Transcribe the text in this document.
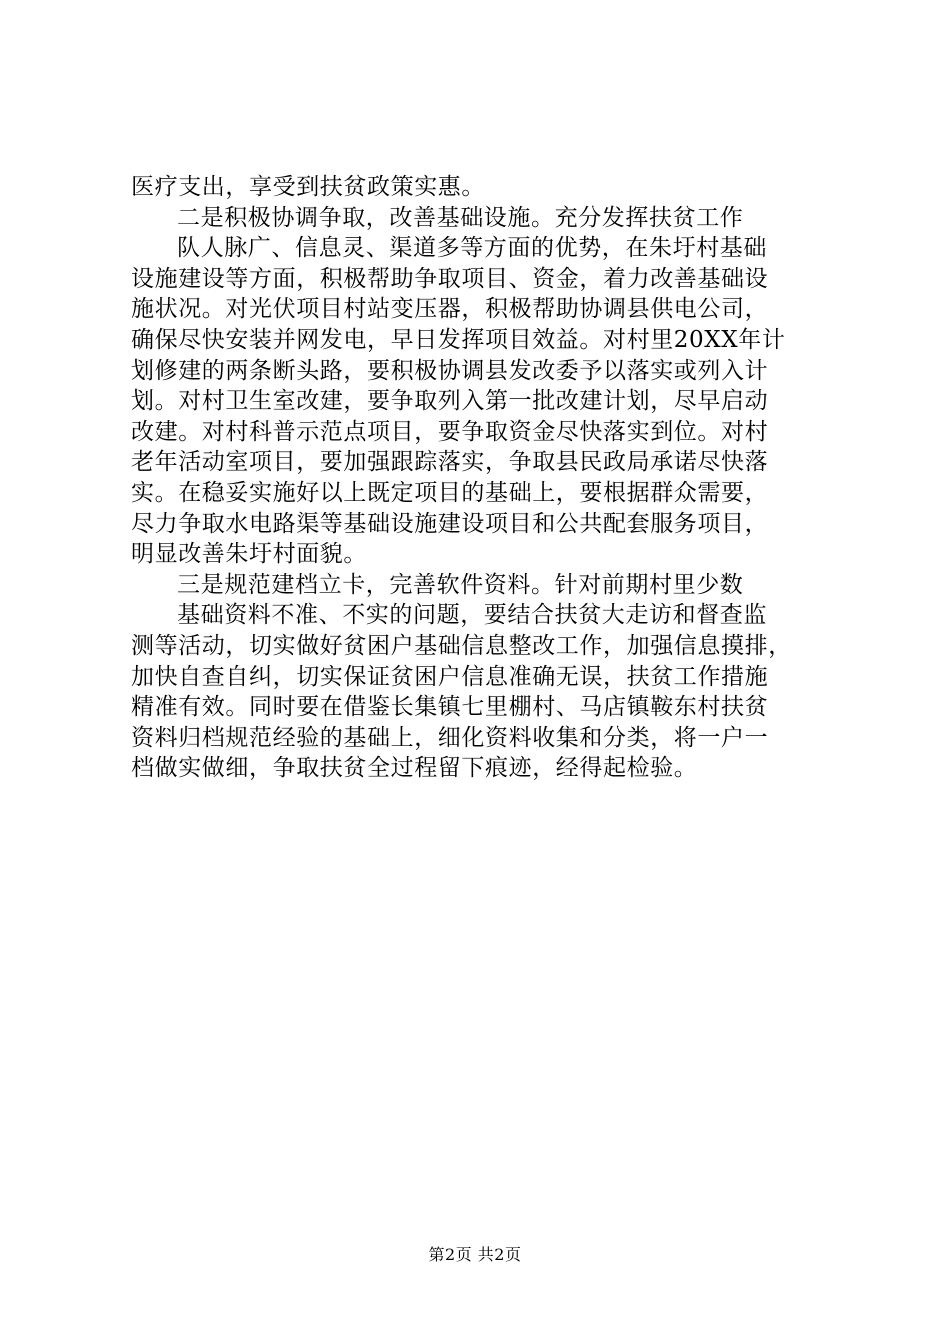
医疗支出，享受到扶贫政策实惠。
二是积极协调争取，改善基础设施。充分发挥扶贫工作
队人脉广、信息灵、渠道多等方面的优势，在朱圩村基础
设施建设等方面，积极帮助争取项目、资金，着力改善基础设
施状况。对光伏项目村站变压器，积极帮助协调县供电公司，
确保尽快安装并网发电，早日发挥项目效益。对村里20XX年计
划修建的两条断头路，要积极协调县发改委予以落实或列入计
划。对村卫生室改建，要争取列入第一批改建计划，尽早启动
改建。对村科普示范点项目，要争取资金尽快落实到位。对村
老年活动室项目，要加强跟踪落实，争取县民政局承诺尽快落
实。在稳妥实施好以上既定项目的基础上，要根据群众需要，
尽力争取水电路渠等基础设施建设项目和公共配套服务项目，
明显改善朱圩村面貌。
三是规范建档立卡，完善软件资料。针对前期村里少数
基础资料不准、不实的问题，要结合扶贫大走访和督查监
测等活动，切实做好贫困户基础信息整改工作，加强信息摸排，
加快自查自纠，切实保证贫困户信息准确无误，扶贫工作措施
精准有效。同时要在借鉴长集镇七里棚村、马店镇鞍东村扶贫
资料归档规范经验的基础上，细化资料收集和分类，将一户一
档做实做细，争取扶贫全过程留下痕迹，经得起检验。
第2页 共2页
